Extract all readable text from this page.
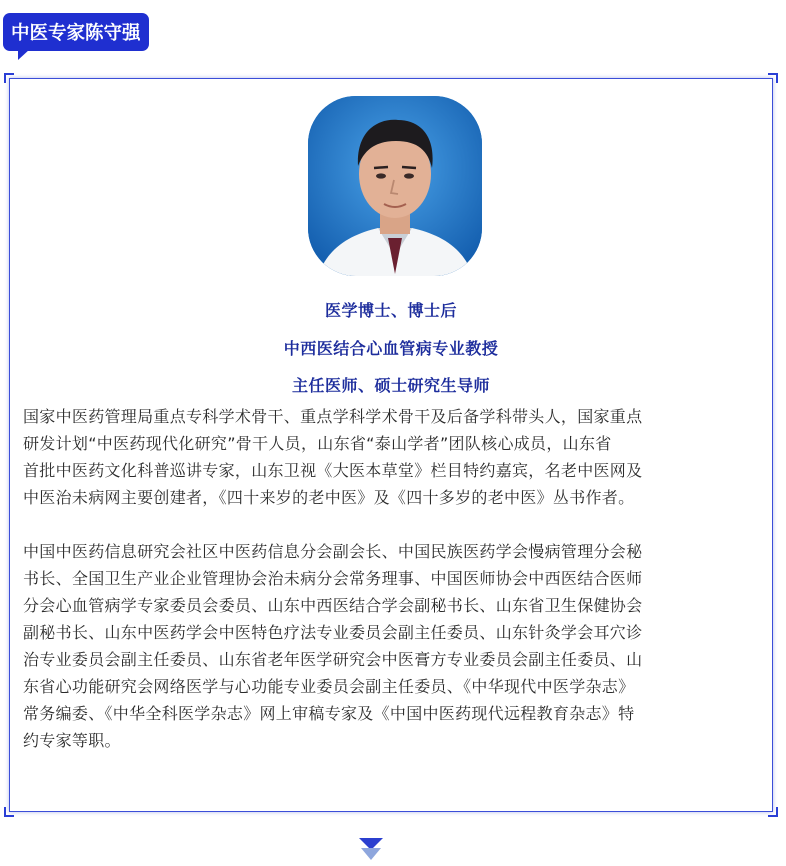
中医专家陈守强
医学博士、博士后
中西医结合心血管病专业教授
主任医师、硕士研究生导师

国家中医药管理局重点专科学术骨干、重点学科学术骨干及后备学科带头人，国家重点
研发计划“中医药现代化研究”骨干人员，山东省“泰山学者”团队核心成员，山东省
首批中医药文化科普巡讲专家，山东卫视《大医本草堂》栏目特约嘉宾，名老中医网及
中医治未病网主要创建者，《四十来岁的老中医》及《四十多岁的老中医》丛书作者。

中国中医药信息研究会社区中医药信息分会副会长、中国民族医药学会慢病管理分会秘
书长、全国卫生产业企业管理协会治未病分会常务理事、中国医师协会中西医结合医师
分会心血管病学专家委员会委员、山东中西医结合学会副秘书长、山东省卫生保健协会
副秘书长、山东中医药学会中医特色疗法专业委员会副主任委员、山东针灸学会耳穴诊
治专业委员会副主任委员、山东省老年医学研究会中医膏方专业委员会副主任委员、山
东省心功能研究会网络医学与心功能专业委员会副主任委员、《中华现代中医学杂志》
常务编委、《中华全科医学杂志》网上审稿专家及《中国中医药现代远程教育杂志》特
约专家等职。
